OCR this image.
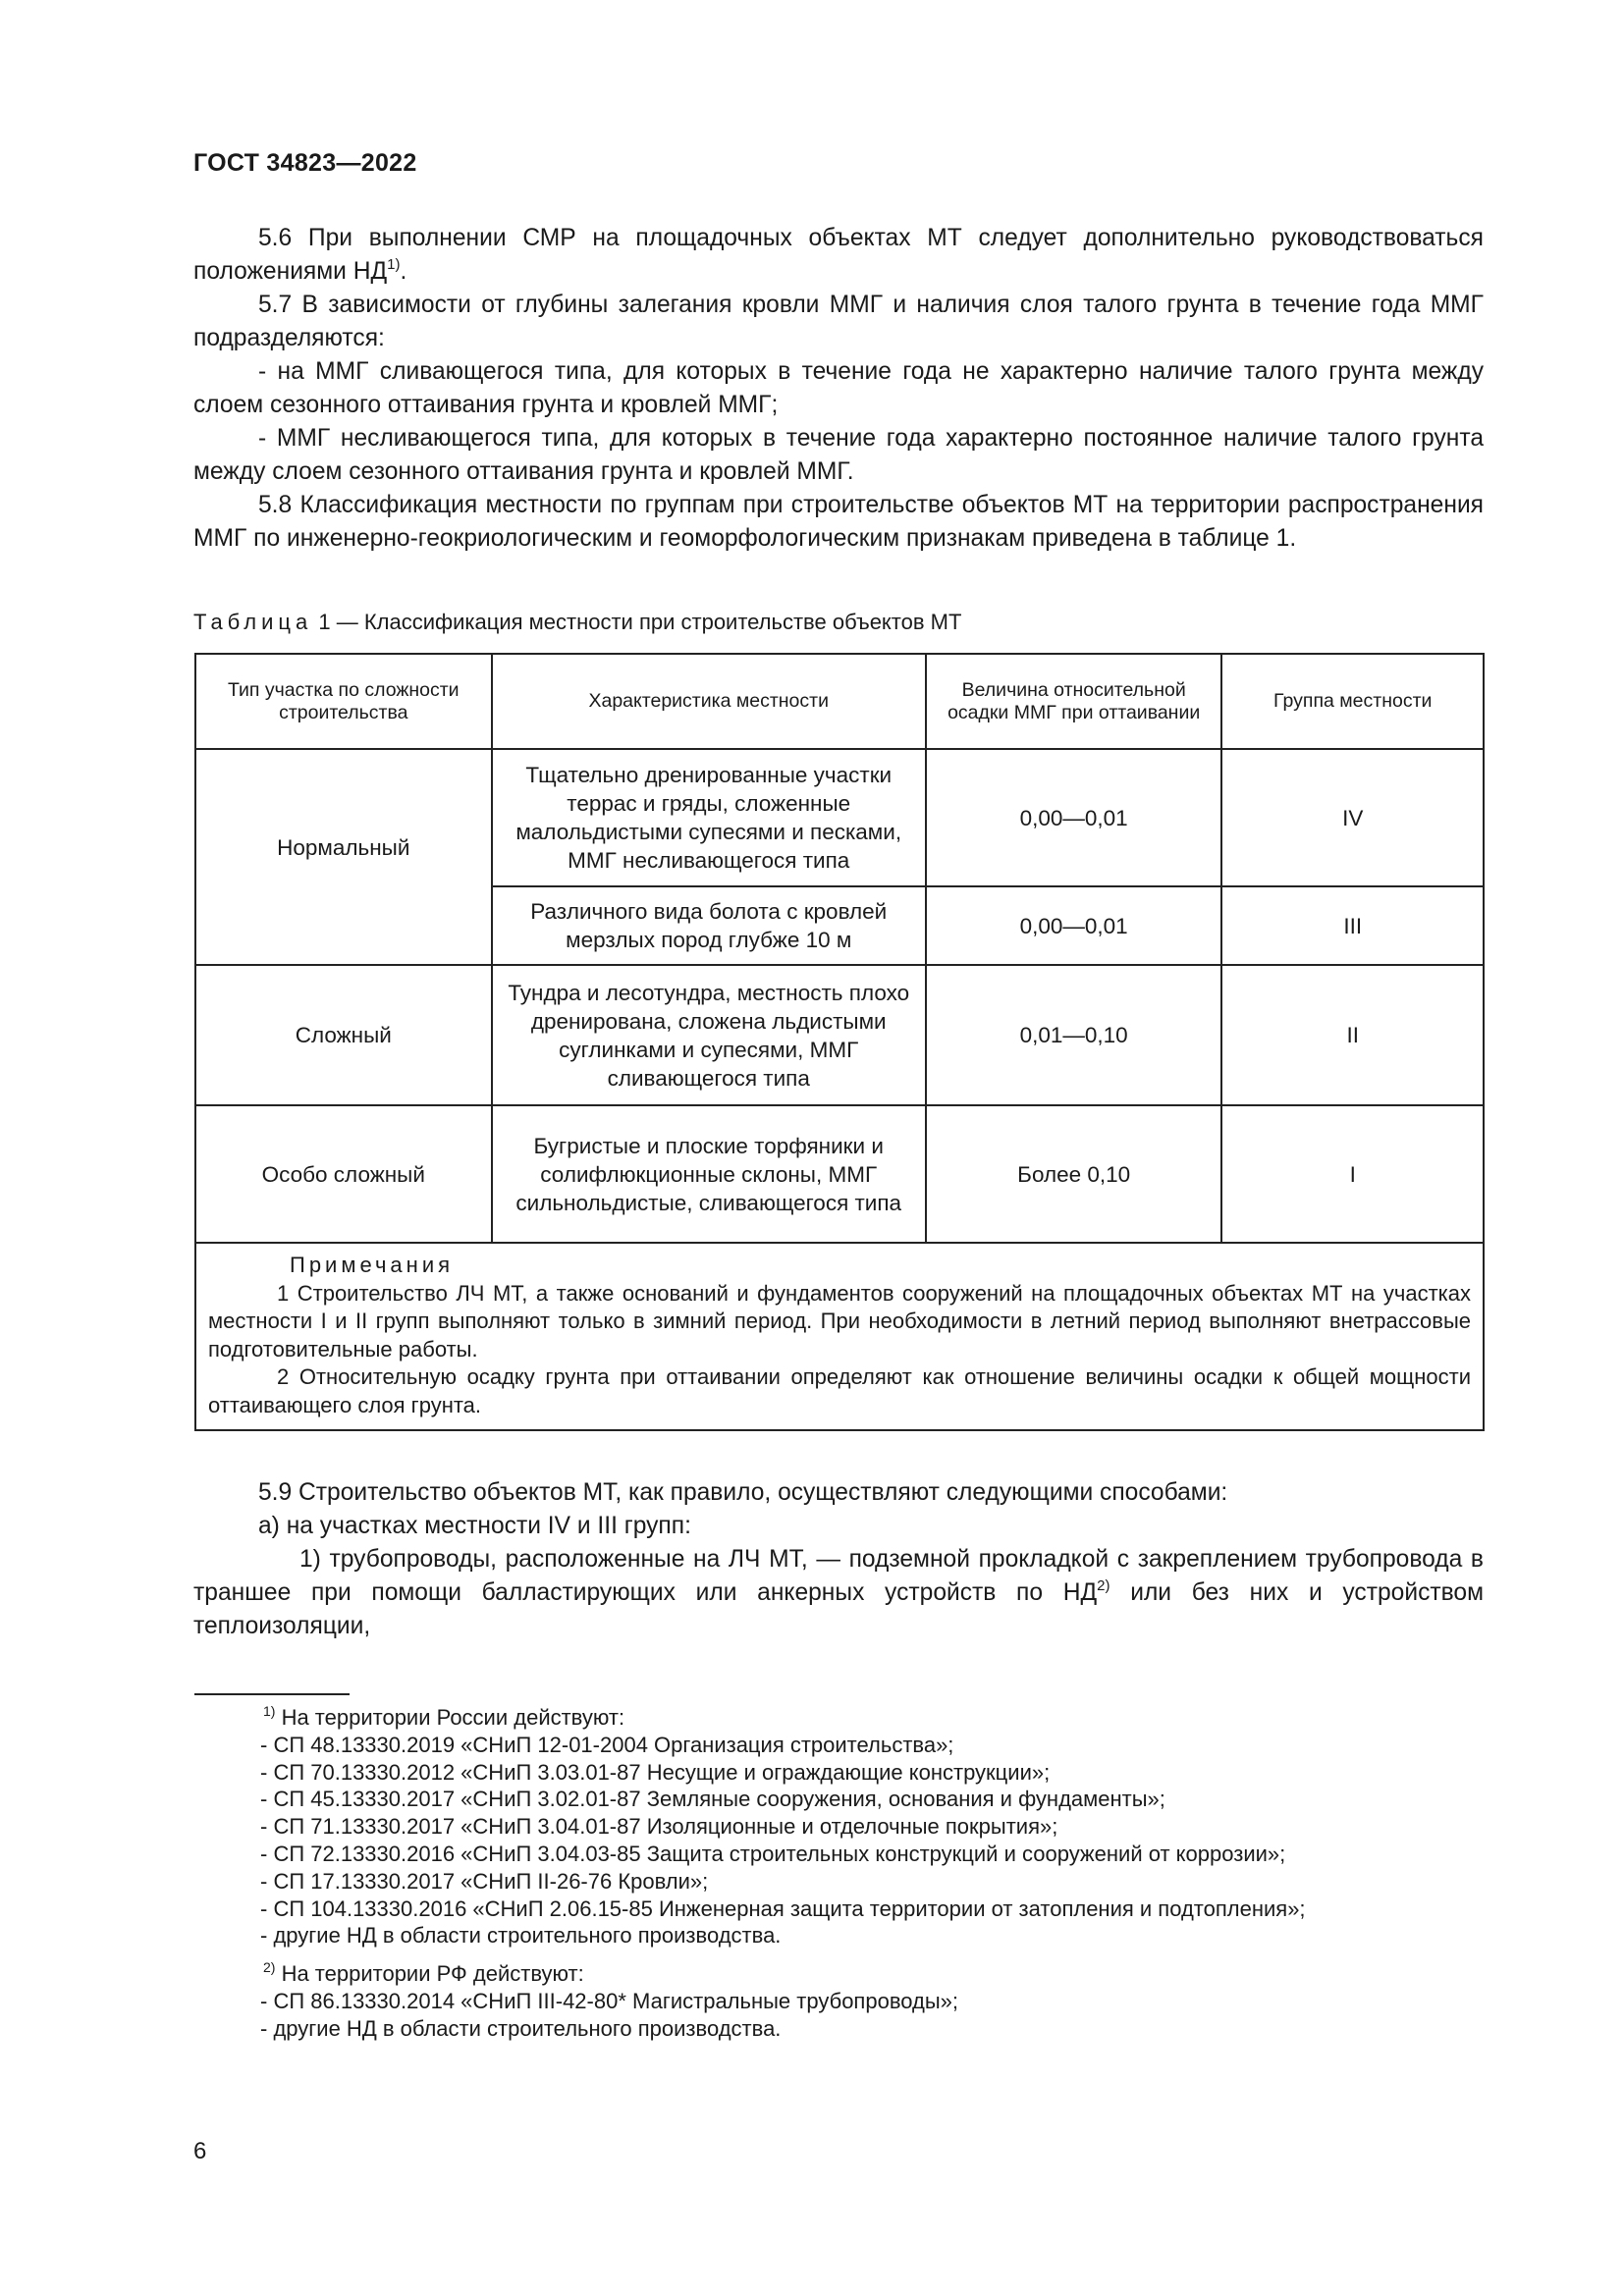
ГОСТ 34823—2022

5.6 При выполнении СМР на площадочных объектах МТ следует дополнительно руководствоваться положениями НД$^{1)}$.

5.7 В зависимости от глубины залегания кровли ММГ и наличия слоя талого грунта в течение года ММГ подразделяются:

- на ММГ сливающегося типа, для которых в течение года не характерно наличие талого грунта между слоем сезонного оттаивания грунта и кровлей ММГ;

- ММГ несливающегося типа, для которых в течение года характерно постоянное наличие талого грунта между слоем сезонного оттаивания грунта и кровлей ММГ.

5.8 Классификация местности по группам при строительстве объектов МТ на территории распространения ММГ по инженерно-геокриологическим и геоморфологическим признакам приведена в таблице 1.

Таблица 1 — Классификация местности при строительстве объектов МТ
Тип участка по сложности строительства	Характеристика местности	Величина относительной осадки ММГ при оттаивании	Группа местности
Нормальный	Тщательно дренированные участки террас и гряды, сложенные малольдистыми супесями и песками, ММГ несливающегося типа	0,00—0,01	IV
	Различного вида болота с кровлей мерзлых пород глубже 10 м	0,00—0,01	III
Сложный	Тундра и лесотундра, местность плохо дренирована, сложена льдистыми суглинками и супесями, ММГ сливающегося типа	0,01—0,10	II
Особо сложный	Бугристые и плоские торфяники и солифлюкционные склоны, ММГ сильнольдистые, сливающегося типа	Более 0,10	I

Примечания

1 Строительство ЛЧ МТ, а также оснований и фундаментов сооружений на площадочных объектах МТ на участках местности I и II групп выполняют только в зимний период. При необходимости в летний период выполняют внетрассовые подготовительные работы.

2 Относительную осадку грунта при оттаивании определяют как отношение величины осадки к общей мощности оттаивающего слоя грунта.			

5.9 Строительство объектов МТ, как правило, осуществляют следующими способами:

а) на участках местности IV и III групп:

1) трубопроводы, расположенные на ЛЧ МТ, — подземной прокладкой с закреплением трубопровода в траншее при помощи балластирующих или анкерных устройств по НД$^{2)}$ или без них и устройством теплоизоляции,

$^{1)}$ На территории России действуют:

- СП 48.13330.2019 «СНиП 12-01-2004 Организация строительства»;

- СП 70.13330.2012 «СНиП 3.03.01-87 Несущие и ограждающие конструкции»;

- СП 45.13330.2017 «СНиП 3.02.01-87 Земляные сооружения, основания и фундаменты»;

- СП 71.13330.2017 «СНиП 3.04.01-87 Изоляционные и отделочные покрытия»;

- СП 72.13330.2016 «СНиП 3.04.03-85 Защита строительных конструкций и сооружений от коррозии»;

- СП 17.13330.2017 «СНиП II-26-76 Кровли»;

- СП 104.13330.2016 «СНиП 2.06.15-85 Инженерная защита территории от затопления и подтопления»;

- другие НД в области строительного производства.

$^{2)}$ На территории РФ действуют:

- СП 86.13330.2014 «СНиП III-42-80* Магистральные трубопроводы»;

- другие НД в области строительного производства.

6
